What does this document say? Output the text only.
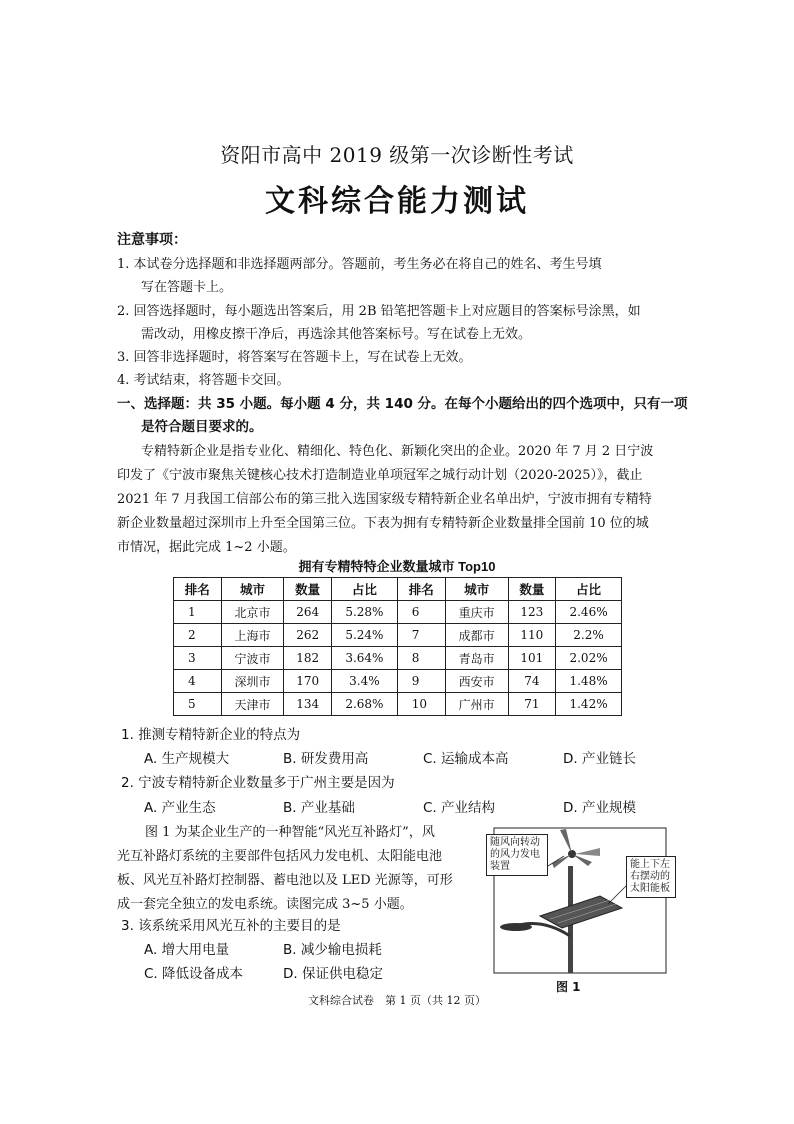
资阳市高中 2019 级第一次诊断性考试
文科综合能力测试
注意事项：
1. 本试卷分选择题和非选择题两部分。答题前，考生务必在将自己的姓名、考生号填
写在答题卡上。
2. 回答选择题时，每小题选出答案后，用 2B 铅笔把答题卡上对应题目的答案标号涂黑，如
需改动，用橡皮擦干净后，再选涂其他答案标号。写在试卷上无效。
3. 回答非选择题时，将答案写在答题卡上，写在试卷上无效。
4. 考试结束，将答题卡交回。
一、选择题：共 35 小题。每小题 4 分，共 140 分。在每个小题给出的四个选项中，只有一项
是符合题目要求的。
专精特新企业是指专业化、精细化、特色化、新颖化突出的企业。2020 年 7 月 2 日宁波
印发了《宁波市聚焦关键核心技术打造制造业单项冠军之城行动计划（2020-2025）》，截止
2021 年 7 月我国工信部公布的第三批入选国家级专精特新企业名单出炉，宁波市拥有专精特
新企业数量超过深圳市上升至全国第三位。下表为拥有专精特新企业数量排全国前 10 位的城
市情况，据此完成 1~2 小题。
拥有专精特特企业数量城市 Top10
排名	城市	数量	占比	排名	城市	数量	占比
1	北京市	264	5.28%	6	重庆市	123	2.46%
2	上海市	262	5.24%	7	成都市	110	2.2%
3	宁波市	182	3.64%	8	青岛市	101	2.02%
4	深圳市	170	3.4%	9	西安市	74	1.48%
5	天津市	134	2.68%	10	广州市	71	1.42%
1. 推测专精特新企业的特点为
A. 生产规模大	B. 研发费用高	C. 运输成本高	D. 产业链长
2. 宁波专精特新企业数量多于广州主要是因为
A. 产业生态	B. 产业基础	C. 产业结构	D. 产业规模
图 1 为某企业生产的一种智能“风光互补路灯”，风
光互补路灯系统的主要部件包括风力发电机、太阳能电池
板、风光互补路灯控制器、蓄电池以及 LED 光源等，可形
成一套完全独立的发电系统。读图完成 3~5 小题。
3. 该系统采用风光互补的主要目的是
A. 增大用电量	B. 减少输电损耗
C. 降低设备成本	D. 保证供电稳定
随风向转动的风力发电装置	能上下左右摆动的太阳能板
图 1
文科综合试卷　第 1 页（共 12 页）
